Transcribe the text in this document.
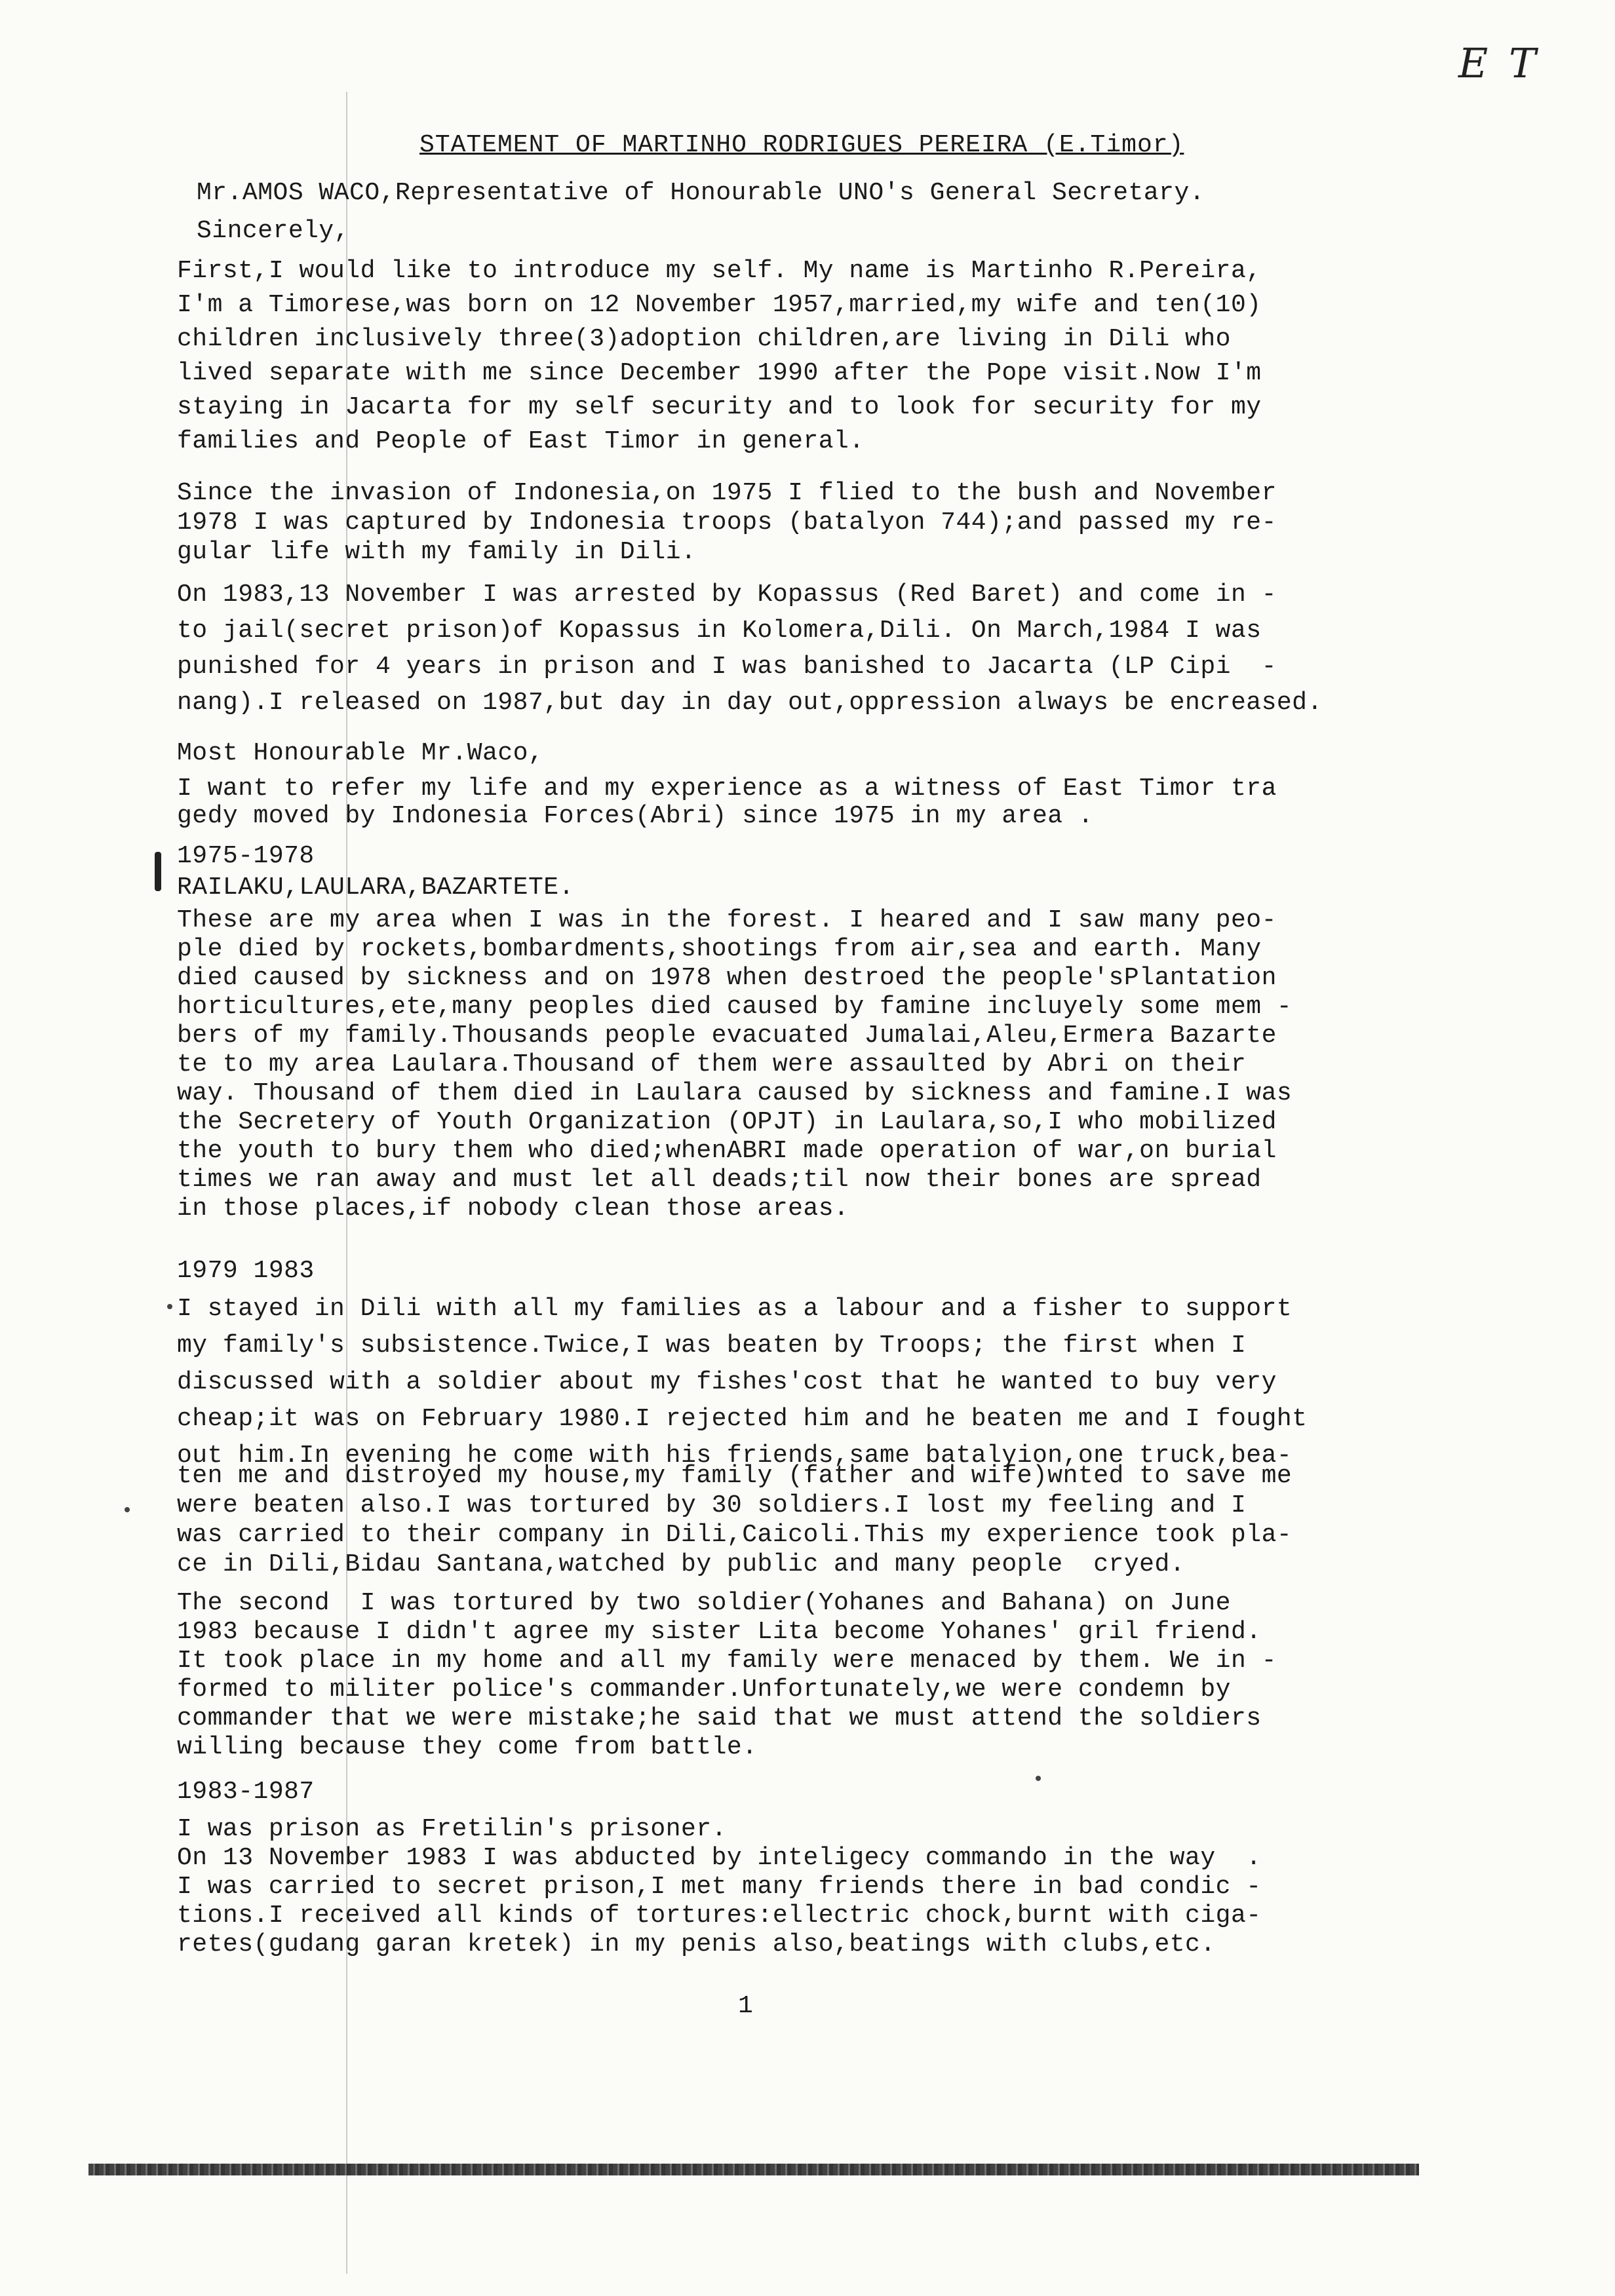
E T
STATEMENT OF MARTINHO RODRIGUES PEREIRA (E.Timor)
Mr.AMOS WACO,Representative of Honourable UNO's General Secretary.
Sincerely,
First,I would like to introduce my self. My name is Martinho R.Pereira,
I'm a Timorese,was born on 12 November 1957,married,my wife and ten(10)
children inclusively three(3)adoption children,are living in Dili who
lived separate with me since December 1990 after the Pope visit.Now I'm
staying in Jacarta for my self security and to look for security for my
families and People of East Timor in general.
Since the invasion of Indonesia,on 1975 I flied to the bush and November
1978 I was captured by Indonesia troops (batalyon 744);and passed my re-
gular life with my family in Dili.
On 1983,13 November I was arrested by Kopassus (Red Baret) and come in -
to jail(secret prison)of Kopassus in Kolomera,Dili. On March,1984 I was
punished for 4 years in prison and I was banished to Jacarta (LP Cipi  -
nang).I released on 1987,but day in day out,oppression always be encreased.
Most Honourable Mr.Waco,
I want to refer my life and my experience as a witness of East Timor tra
gedy moved by Indonesia Forces(Abri) since 1975 in my area .
1975-1978
RAILAKU,LAULARA,BAZARTETE.
These are my area when I was in the forest. I heared and I saw many peo-
ple died by rockets,bombardments,shootings from air,sea and earth. Many
died caused by sickness and on 1978 when destroed the people'sPlantation
horticultures,ete,many peoples died caused by famine incluyely some mem -
bers of my family.Thousands people evacuated Jumalai,Aleu,Ermera Bazarte
te to my area Laulara.Thousand of them were assaulted by Abri on their
way. Thousand of them died in Laulara caused by sickness and famine.I was
the Secretery of Youth Organization (OPJT) in Laulara,so,I who mobilized
the youth to bury them who died;whenABRI made operation of war,on burial
times we ran away and must let all deads;til now their bones are spread
in those places,if nobody clean those areas.
1979 1983
I stayed in Dili with all my families as a labour and a fisher to support
my family's subsistence.Twice,I was beaten by Troops; the first when I
discussed with a soldier about my fishes'cost that he wanted to buy very
cheap;it was on February 1980.I rejected him and he beaten me and I fought
out him.In evening he come with his friends,same batalyion,one truck,bea-
ten me and distroyed my house,my family (father and wife)wnted to save me
were beaten also.I was tortured by 30 soldiers.I lost my feeling and I
was carried to their company in Dili,Caicoli.This my experience took pla-
ce in Dili,Bidau Santana,watched by public and many people  cryed.
The second  I was tortured by two soldier(Yohanes and Bahana) on June
1983 because I didn't agree my sister Lita become Yohanes' gril friend.
It took place in my home and all my family were menaced by them. We in -
formed to militer police's commander.Unfortunately,we were condemn by
commander that we were mistake;he said that we must attend the soldiers
willing because they come from battle.
1983-1987
I was prison as Fretilin's prisoner.
On 13 November 1983 I was abducted by inteligecy commando in the way  .
I was carried to secret prison,I met many friends there in bad condic -
tions.I received all kinds of tortures:ellectric chock,burnt with ciga-
retes(gudang garan kretek) in my penis also,beatings with clubs,etc.
1
